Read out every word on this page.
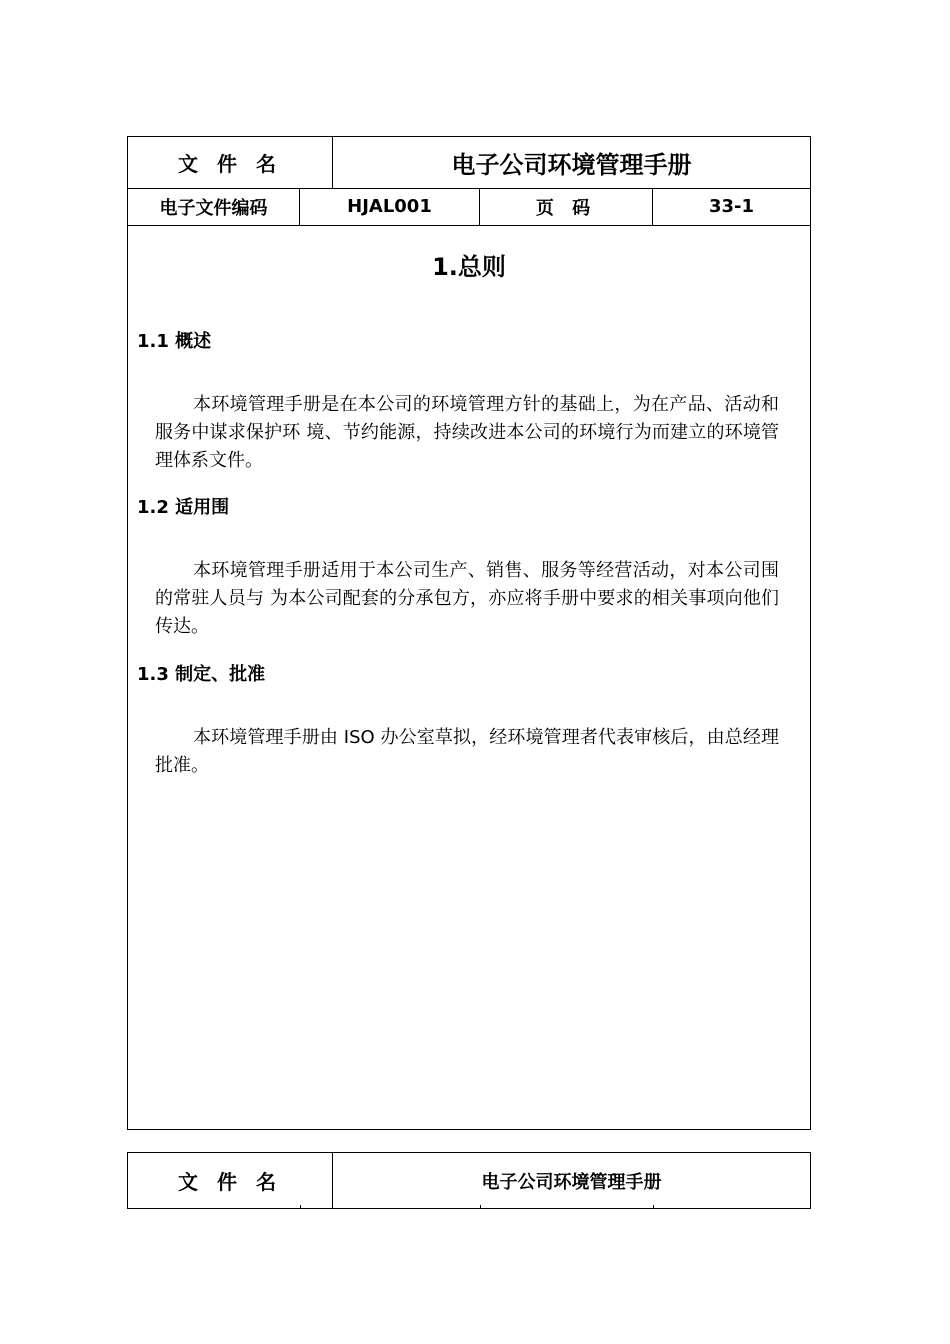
文 件 名	电子公司环境管理手册
电子文件编码	HJAL001	页 码	33-1
1.总则
1.1 概述
本环境管理手册是在本公司的环境管理方针的基础上，为在产品、活动和服务中谋求保护环 境、节约能源，持续改进本公司的环境行为而建立的环境管理体系文件。
1.2 适用围
本环境管理手册适用于本公司生产、销售、服务等经营活动，对本公司围的常驻人员与 为本公司配套的分承包方，亦应将手册中要求的相关事项向他们传达。
1.3 制定、批准
本环境管理手册由 ISO 办公室草拟，经环境管理者代表审核后，由总经理批准。
文 件 名	电子公司环境管理手册
